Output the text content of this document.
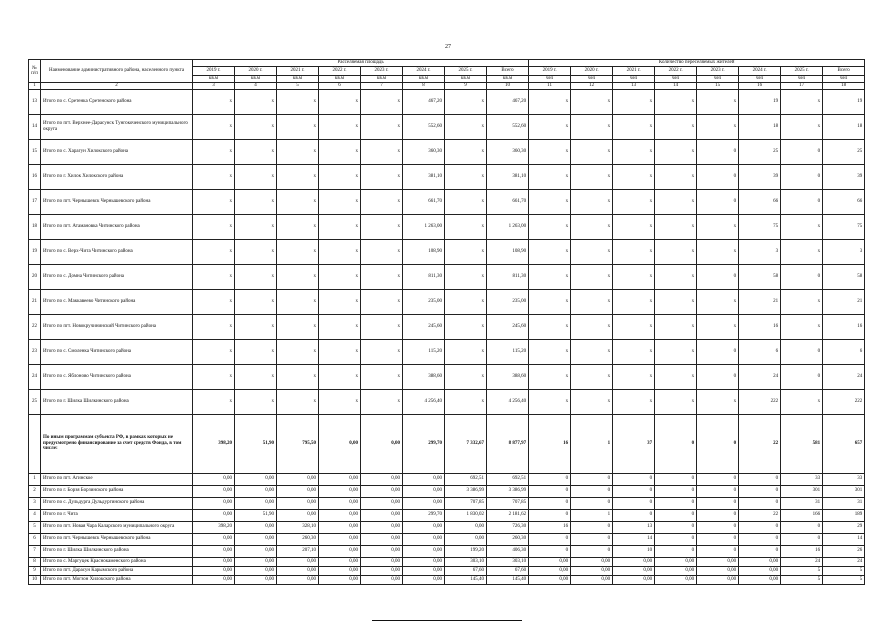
27
№ п/п	Наименование административного района, населенного пункта	Расселяемая площадь								Количество переселяемых жителей							
		2019 г.	2020 г.	2021 г.	2022 г.	2023 г.	2024 г.	2025 г.	Всего	2019 г.	2020 г.	2021 г.	2022 г.	2023 г.	2024 г.	2025 г.	Всего
		кв.м	кв.м	кв.м	кв.м	кв.м	кв.м	кв.м	кв.м	чел	чел	чел	чел	чел	чел	чел	чел
1	2	3	4	5	6	7	8	9	10	11	12	13	14	15	16	17	18
13	Итого по с. Сретенка Сретенского района	x	x	x	x	x	467,20	x	467,20	x	x	x	x	x	19	x	19
14	Итого по пгт. Верхнее-Дарасунск Тунгокоченского муниципального округа	x	x	x	x	x	552,60	x	552,60	x	x	x	x	x	18	x	18
15	Итого по с. Харагун Хилокского района	x	x	x	x	x	360,30	x	360,30	x	x	x	x	0	25	0	25
16	Итого по г. Хилок Хилокского района	x	x	x	x	x	381,10	x	381,10	x	x	x	x	0	39	0	39
17	Итого по пгт. Чернышевск Чернышевского района	x	x	x	x	x	661,70	x	661,70	x	x	x	x	0	66	0	66
18	Итого по пгт. Атамановка Читинского района	x	x	x	x	x	1 263,00	x	1 263,00	x	x	x	x	x	75	x	75
19	Итого по с. Верх-Чита Читинского района	x	x	x	x	x	108,90	x	108,90	x	x	x	x	x	3	x	3
20	Итого по с. Домна Читинского района	x	x	x	x	x	811,30	x	811,30	x	x	x	x	0	58	0	58
21	Итого по с. Маккавеево Читинского района	x	x	x	x	x	235,00	x	235,00	x	x	x	x	x	21	x	21
22	Итого по пгт. Новокручининский Читинского района	x	x	x	x	x	245,60	x	245,60	x	x	x	x	x	16	x	16
23	Итого по с. Смоленка Читинского района	x	x	x	x	x	115,20	x	115,20	x	x	x	x	0	6	0	6
24	Итого по с. Яблоново Читинского района	x	x	x	x	x	388,60	x	388,60	x	x	x	x	0	24	0	24
25	Итого по г. Шилка Шилкинского района	x	x	x	x	x	4 256,40	x	4 256,40	x	x	x	x	x	222	x	222
	По иным программам субъекта РФ, в рамках которых не предусмотрено финансирование за счет средств Фонда, в том числе:	398,20	51,90	795,50	0,00	0,00	299,70	7 332,67	8 877,97	16	1	37	0	0	22	581	657
1	Итого по пгт. Агинское	0,00	0,00	0,00	0,00	0,00	0,00	692,51	692,51	0	0	0	0	0	0	33	33
2	Итого по г. Борзя Борзинского района	0,00	0,00	0,00	0,00	0,00	0,00	3 386,99	3 386,99	0	0	0	0	0	0	301	301
3	Итого по с. Дульдурга Дульдургинского района	0,00	0,00	0,00	0,00	0,00	0,00	707,85	707,85	0	0	0	0	0	0	31	31
4	Итого по г. Чита	0,00	51,90	0,00	0,00	0,00	299,70	1 830,02	2 181,62	0	1	0	0	0	22	166	189
5	Итого по пгт. Новая Чара Каларского муниципального округа	398,20	0,00	328,10	0,00	0,00	0,00	0,00	726,30	16	0	13	0	0	0	0	29
6	Итого по пгт. Чернышевск Чернышевского района	0,00	0,00	260,30	0,00	0,00	0,00	0,00	260,30	0	0	14	0	0	0	0	14
7	Итого по г. Шилка Шилкинского района	0,00	0,00	207,10	0,00	0,00	0,00	199,20	406,30	0	0	10	0	0	0	16	26
8	Итого по с. Маргуцек Краснокаменского района	0,00	0,00	0,00	0,00	0,00	0,00	303,10	303,10	0,00	0,00	0,00	0,00	0,00	0,00	24	24
9	Итого по пгт. Дарасун Карымского района	0,00	0,00	0,00	0,00	0,00	0,00	67,60	67,60	0,00	0,00	0,00	0,00	0,00	0,00	5	5
10	Итого по пгт. Могзон Хилокского района	0,00	0,00	0,00	0,00	0,00	0,00	145,40	145,40	0,00	0,00	0,00	0,00	0,00	0,00	5	5
